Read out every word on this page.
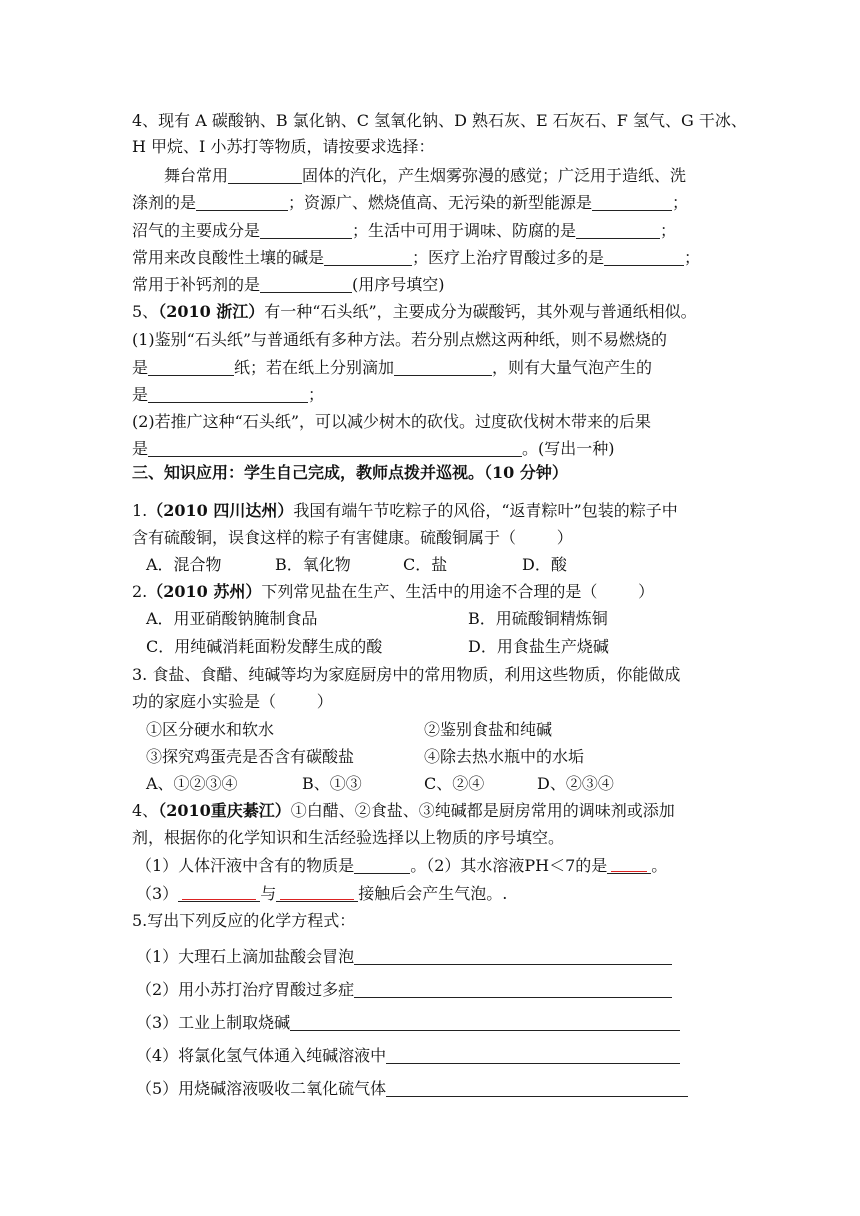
4、现有 A 碳酸钠、B 氯化钠、C 氢氧化钠、D 熟石灰、E 石灰石、F 氢气、G 干冰、
H 甲烷、I 小苏打等物质，请按要求选择：
舞台常用	固体的汽化，产生烟雾弥漫的感觉；广泛用于造纸、洗
涤剂的是	；资源广、燃烧值高、无污染的新型能源是	；
沼气的主要成分是	；生活中可用于调味、防腐的是	；
常用来改良酸性土壤的碱是	；医疗上治疗胃酸过多的是	；
常用于补钙剂的是	(用序号填空)
5、（2010 浙江）有一种“石头纸”，主要成分为碳酸钙，其外观与普通纸相似。
(1)鉴别“石头纸”与普通纸有多种方法。若分别点燃这两种纸，则不易燃烧的
是	纸；若在纸上分别滴加	，则有大量气泡产生的
是	；
(2)若推广这种“石头纸”，可以减少树木的砍伐。过度砍伐树木带来的后果
是	。(写出一种)
三、知识应用：学生自己完成，教师点拨并巡视。（10 分钟）
1.（2010 四川达州）我国有端午节吃粽子的风俗，“返青粽叶”包装的粽子中
含有硫酸铜，误食这样的粽子有害健康。硫酸铜属于（        ）
A．混合物	B．氧化物	C．盐	D．酸
2.（2010 苏州）下列常见盐在生产、生活中的用途不合理的是（        ）
A．用亚硝酸钠腌制食品	B．用硫酸铜精炼铜
C．用纯碱消耗面粉发酵生成的酸	D．用食盐生产烧碱
3. 食盐、食醋、纯碱等均为家庭厨房中的常用物质，利用这些物质，你能做成
功的家庭小实验是（        ）
①区分硬水和软水	②鉴别食盐和纯碱
③探究鸡蛋壳是否含有碳酸盐	④除去热水瓶中的水垢
A、①②③④	B、①③	C、②④	D、②③④
4、（2010重庆綦江）①白醋、②食盐、③纯碱都是厨房常用的调味剂或添加
剂，根据你的化学知识和生活经验选择以上物质的序号填空。
（1）人体汗液中含有的物质是	。（2）其水溶液PH＜7的是	。
（3）	与	接触后会产生气泡。.
5.写出下列反应的化学方程式：
（1）大理石上滴加盐酸会冒泡
（2）用小苏打治疗胃酸过多症
（3）工业上制取烧碱
（4）将氯化氢气体通入纯碱溶液中
（5）用烧碱溶液吸收二氧化硫气体
